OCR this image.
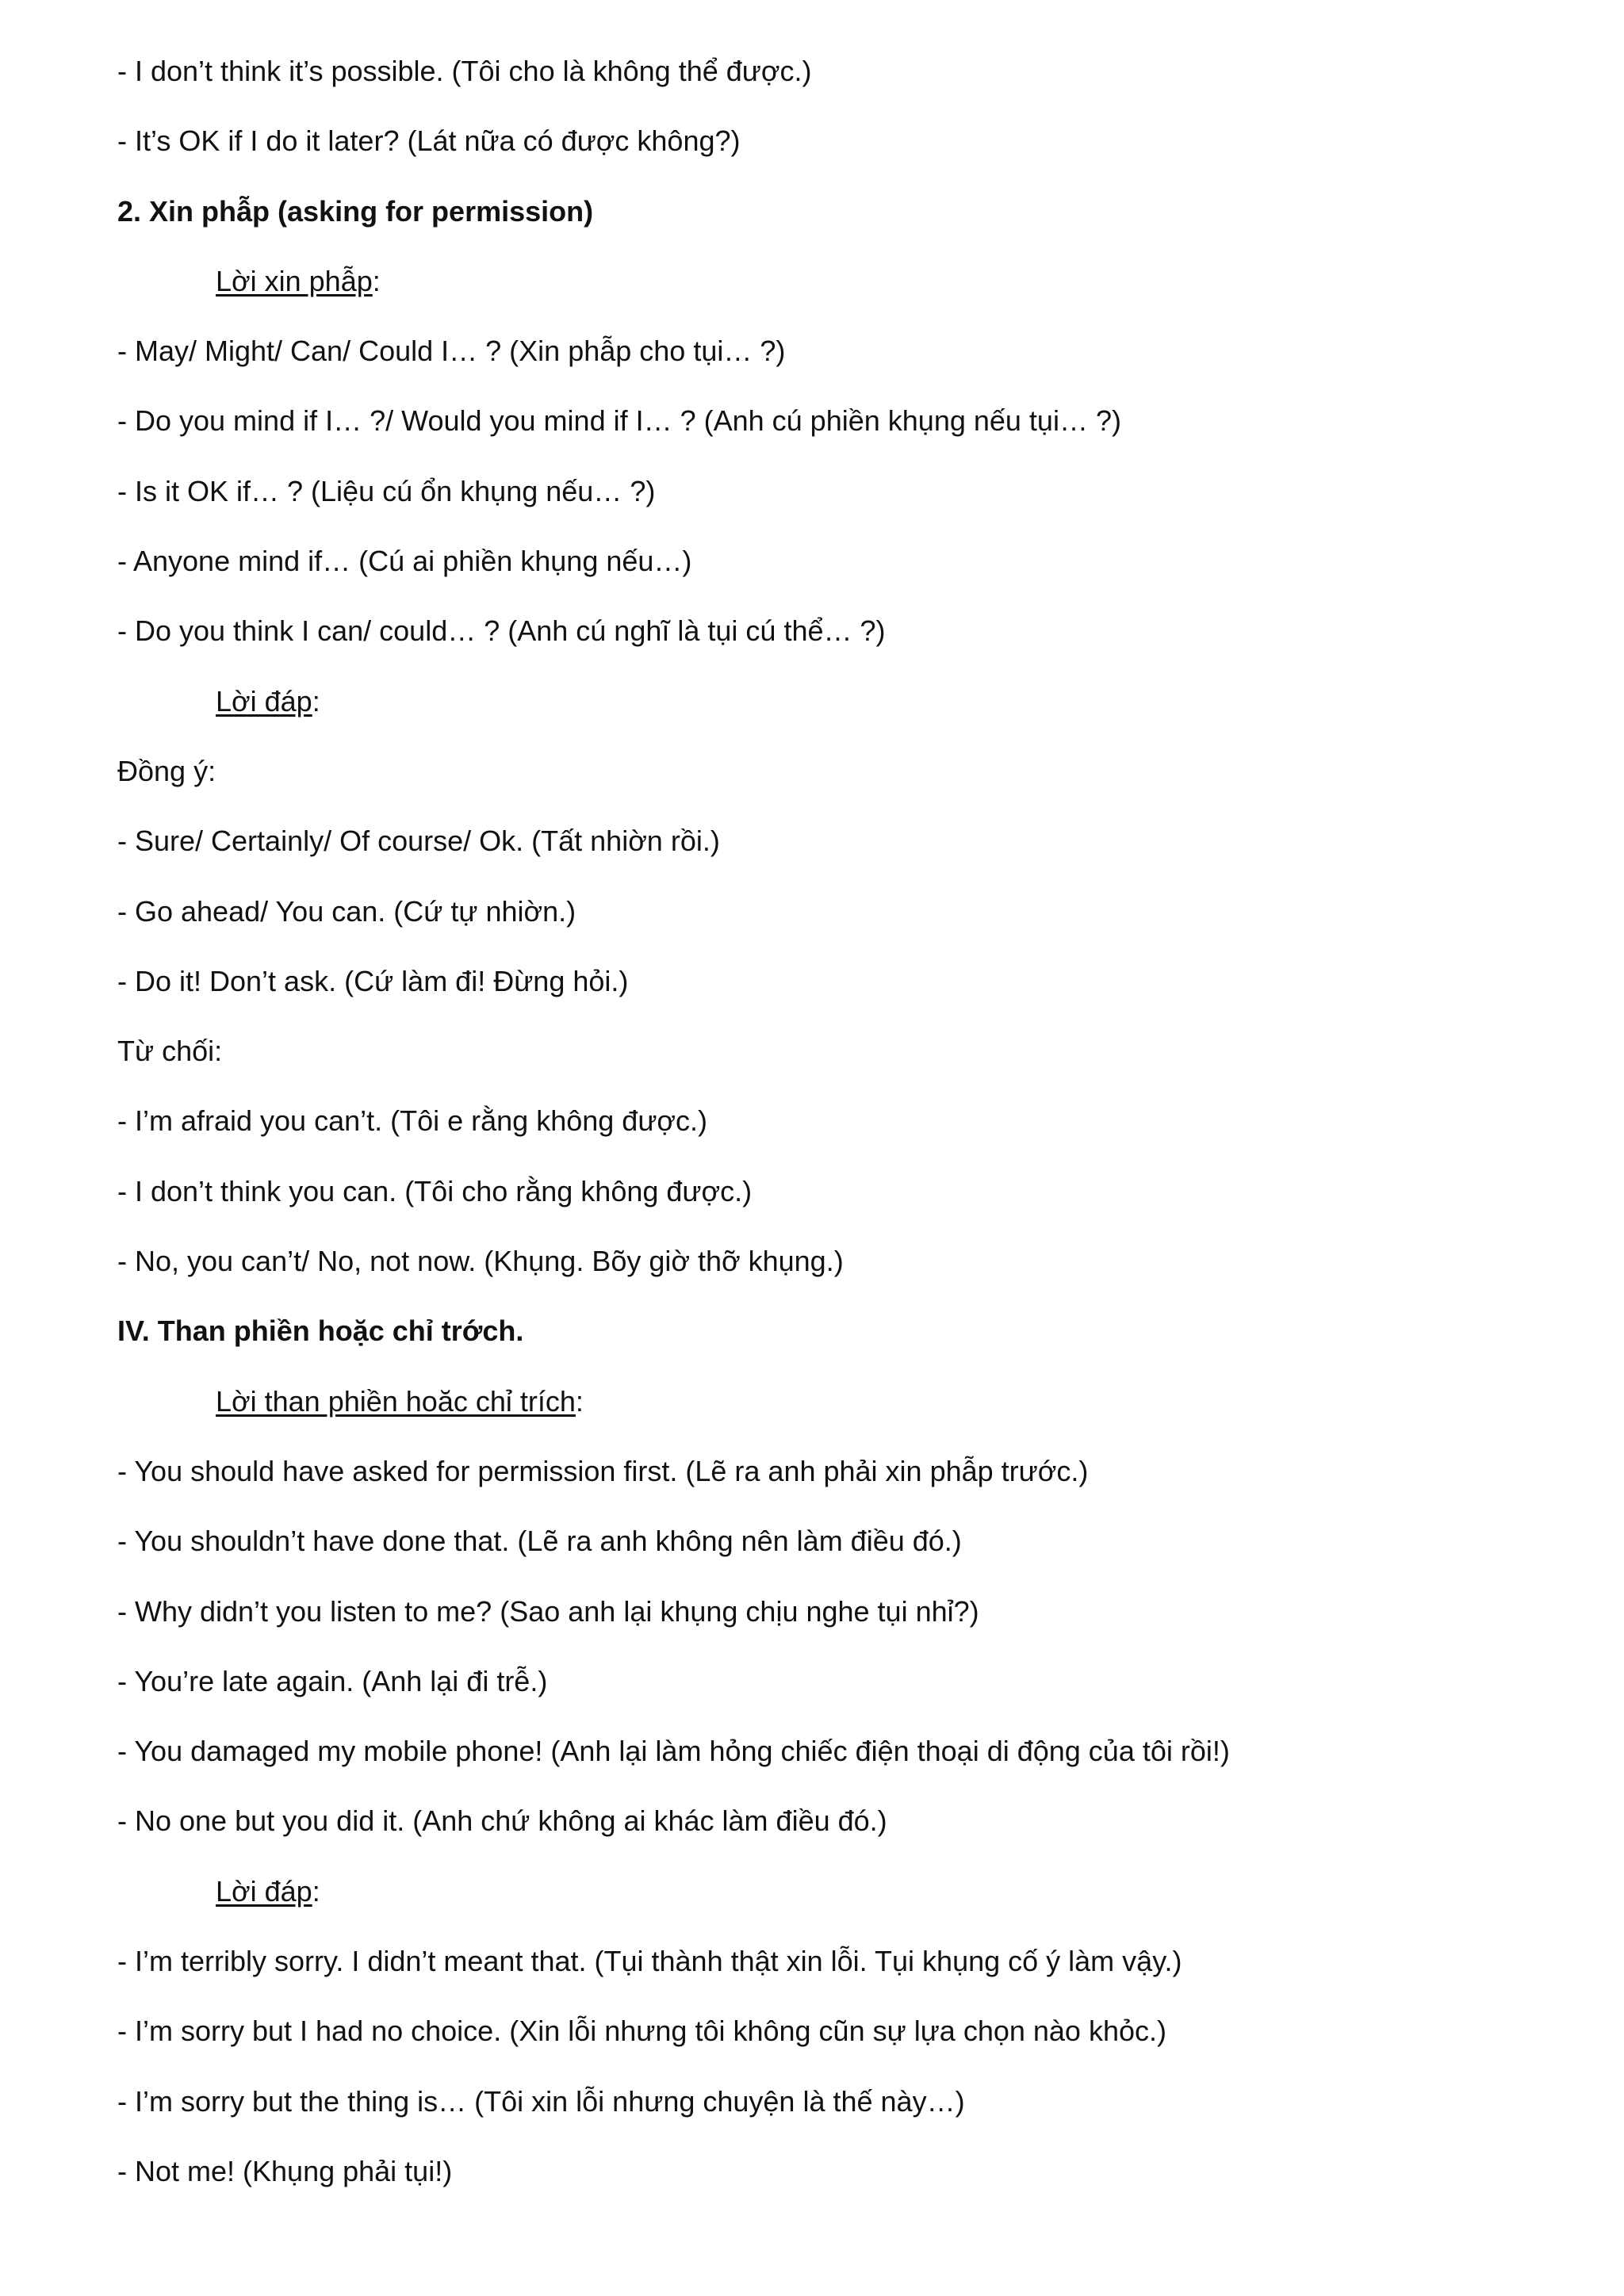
- I don’t think it’s possible. (Tôi cho là không thể được.)
- It’s OK if I do it later? (Lát nữa có được không?)
2. Xin phẫp (asking for permission)
Lời xin phẫp:
- May/ Might/ Can/ Could I… ? (Xin phẫp cho tụi… ?)
- Do you mind if I… ?/ Would you mind if I… ? (Anh cú phiền khụng nếu tụi… ?)
- Is it OK if… ? (Liệu cú ổn khụng nếu… ?)
- Anyone mind if… (Cú ai phiền khụng nếu…)
- Do you think I can/ could… ? (Anh cú nghĩ là tụi cú thể… ?)
Lời đáp:
Đồng ý:
- Sure/ Certainly/ Of course/ Ok. (Tất nhiờn rồi.)
- Go ahead/ You can. (Cứ tự nhiờn.)
- Do it! Don’t ask. (Cứ làm đi! Đừng hỏi.)
Từ chối:
- I’m afraid you can’t. (Tôi e rằng không được.)
- I don’t think you can. (Tôi cho rằng không được.)
- No, you can’t/ No, not now. (Khụng. Bõy giờ thỡ khụng.)
IV. Than phiền hoặc chỉ trớch.
Lời than phiền hoăc chỉ trích:
- You should have asked for permission first. (Lẽ ra anh phải xin phẫp trước.)
- You shouldn’t have done that. (Lẽ ra anh không nên làm điều đó.)
- Why didn’t you listen to me? (Sao anh lại khụng chịu nghe tụi nhỉ?)
- You’re late again. (Anh lại đi trễ.)
- You damaged my mobile phone! (Anh lại làm hỏng chiếc điện thoại di động của tôi rồi!)
- No one but you did it. (Anh chứ không ai khác làm điều đó.)
Lời đáp:
- I’m terribly sorry. I didn’t meant that. (Tụi thành thật xin lỗi. Tụi khụng cố ý làm vậy.)
- I’m sorry but I had no choice. (Xin lỗi nhưng tôi không cũn sự lựa chọn nào khỏc.)
- I’m sorry but the thing is… (Tôi xin lỗi nhưng chuyện là thế này…)
- Not me! (Khụng phải tụi!)
